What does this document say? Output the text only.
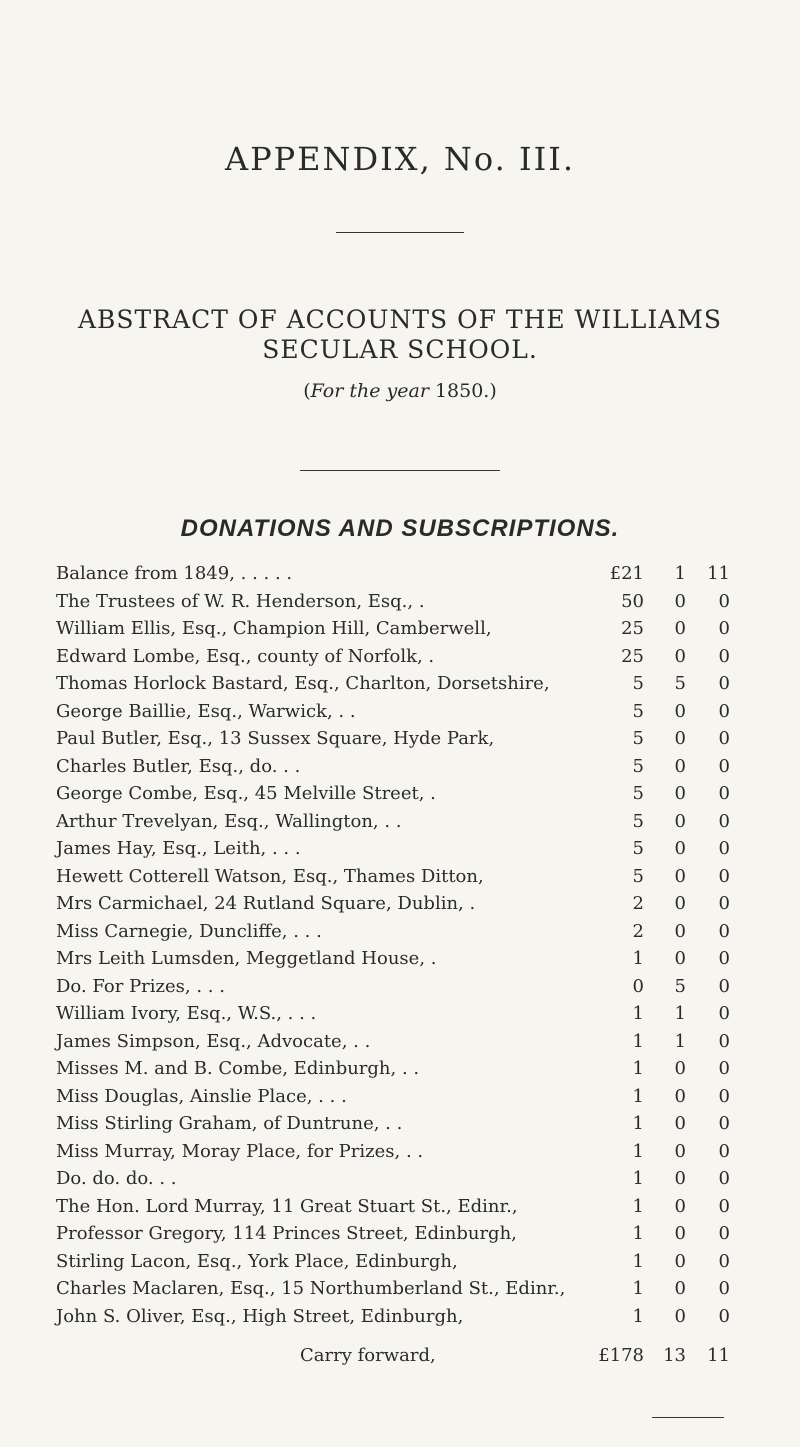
APPENDIX, No. III.
ABSTRACT OF ACCOUNTS OF THE WILLIAMS SECULAR SCHOOL.
(For the year 1850.)
DONATIONS AND SUBSCRIPTIONS.
Balance from 1849, . . . . .	£21	1	11
The Trustees of W. R. Henderson, Esq., .	50	0	0
William Ellis, Esq., Champion Hill, Camberwell,	25	0	0
Edward Lombe, Esq., county of Norfolk, .	25	0	0
Thomas Horlock Bastard, Esq., Charlton, Dorsetshire,	5	5	0
George Baillie, Esq., Warwick, . .	5	0	0
Paul Butler, Esq., 13 Sussex Square, Hyde Park,	5	0	0
Charles Butler, Esq., do. . .	5	0	0
George Combe, Esq., 45 Melville Street, .	5	0	0
Arthur Trevelyan, Esq., Wallington, . .	5	0	0
James Hay, Esq., Leith, . . .	5	0	0
Hewett Cotterell Watson, Esq., Thames Ditton,	5	0	0
Mrs Carmichael, 24 Rutland Square, Dublin, .	2	0	0
Miss Carnegie, Duncliffe, . . .	2	0	0
Mrs Leith Lumsden, Meggetland House, .	1	0	0
Do. For Prizes, . . .	0	5	0
William Ivory, Esq., W.S., . . .	1	1	0
James Simpson, Esq., Advocate, . .	1	1	0
Misses M. and B. Combe, Edinburgh, . .	1	0	0
Miss Douglas, Ainslie Place, . . .	1	0	0
Miss Stirling Graham, of Duntrune, . .	1	0	0
Miss Murray, Moray Place, for Prizes, . .	1	0	0
Do. do. do. . .	1	0	0
The Hon. Lord Murray, 11 Great Stuart St., Edinr.,	1	0	0
Professor Gregory, 114 Princes Street, Edinburgh,	1	0	0
Stirling Lacon, Esq., York Place, Edinburgh,	1	0	0
Charles Maclaren, Esq., 15 Northumberland St., Edinr.,	1	0	0
John S. Oliver, Esq., High Street, Edinburgh,	1	0	0
Carry forward,	£178	13	11
